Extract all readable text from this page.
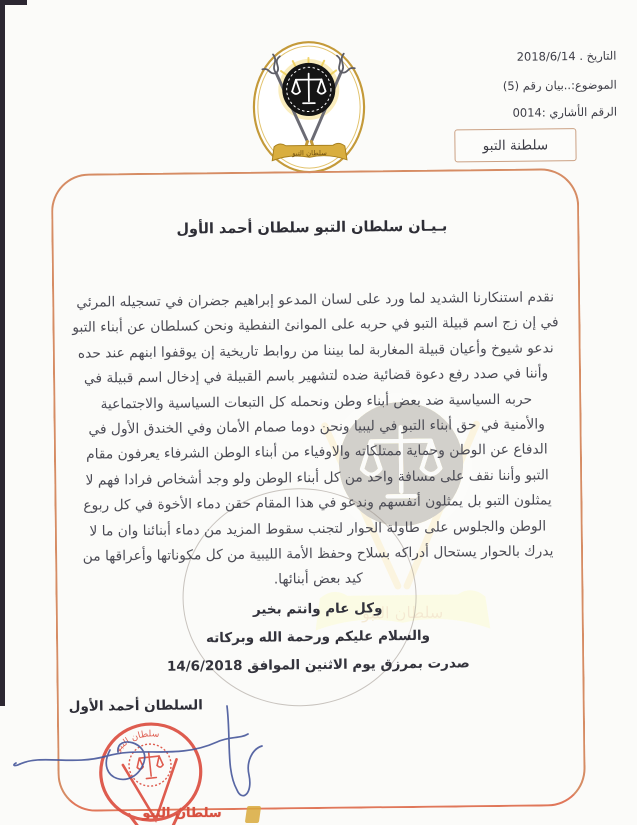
التاريخ . 2018/6/14
الموضوع:..بيان رقم (5)
الرقم الأشاري :0014
سلطنة التبو
سلطان التبو
سلطان التبو
بـيـان سلطان التبو سلطان أحمد الأول
نقدم استنكارنا الشديد لما ورد على لسان المدعو إبراهيم جضران في تسجيله المرئي
في إن زج اسم قبيلة التبو في حربه على الموانئ النفطية ونحن كسلطان عن أبناء التبو
ندعو شيوخ وأعيان قبيلة المغاربة لما بيننا من روابط تاريخية إن يوقفوا ابنهم عند حده
وأننا في صدد رفع دعوة قضائية ضده لتشهير باسم القبيلة في إدخال اسم قبيلة في
حربه السياسية ضد بعض أبناء وطن ونحمله كل التبعات السياسية والاجتماعية
والأمنية في حق أبناء التبو في ليبيا ونحن دوما صمام الأمان وفي الخندق الأول في
الدفاع عن الوطن وحماية ممتلكاته والاوفياء من أبناء الوطن الشرفاء يعرفون مقام
التبو وأننا نقف على مسافة واحد من كل أبناء الوطن ولو وجد أشخاص فرادا فهم لا
يمثلون التبو بل يمثلون أنفسهم وندعو في هذا المقام حقن دماء الأخوة في كل ربوع
الوطن والجلوس على طاولة الحوار لتجنب سقوط المزيد من دماء أبنائنا وان ما لا
يدرك بالحوار يستحال أدراكه بسلاح وحفظ الأمة الليبية من كل مكوناتها وأعراقها من
كيد بعض أبنائها.
وكل عام وانتم بخير
والسلام عليكم ورحمة الله وبركاته
صدرت بمرزق يوم الاثنين الموافق 14/6/2018
السلطان أحمد الأول
سلطان التبو
سلطان التبو
